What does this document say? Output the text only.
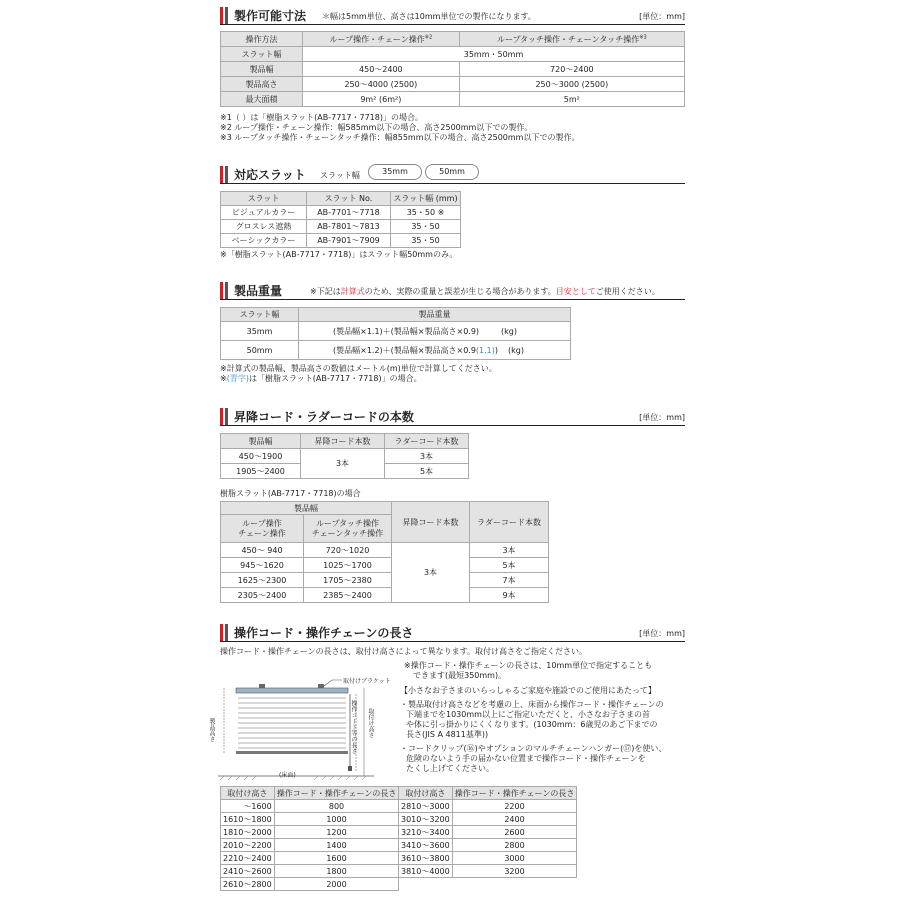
製作可能寸法 ＊幅は5mm単位、高さは10mm単位での製作になります。	[単位：mm]
操作方法	ループ操作・チェーン操作$^{※2}$	ループタッチ操作・チェーンタッチ操作$^{※3}$
スラット幅	35mm・50mm	
製品幅	450～2400	720～2400
製品高さ	250～4000 (2500)	250～3000 (2500)
最大面積	9m² (6m²)	5m²
※1（ ）は「樹脂スラット(AB-7717・7718)」の場合。
※2 ループ操作・チェーン操作：幅585mm以下の場合、高さ2500mm以下での製作。
※3 ループタッチ操作・チェーンタッチ操作：幅855mm以下の場合、高さ2500mm以下での製作。
対応スラット スラット幅	35mm	50mm
スラット	スラット No.	スラット幅 (mm)
ビジュアルカラー	AB-7701～7718	35・50 ※
グロスレス遮熱	AB-7801～7813	35・50
ベーシックカラー	AB-7901～7909	35・50
※「樹脂スラット(AB-7717・7718)」はスラット幅50mmのみ。
製品重量	※下記は計算式のため、実際の重量と誤差が生じる場合があります。目安としてご使用ください。
スラット幅	製品重量
35mm	(製品幅×1.1)＋(製品幅×製品高さ×0.9) (kg)
50mm	(製品幅×1.2)＋(製品幅×製品高さ×0.9(1.1)) (kg)
※計算式の製品幅、製品高さの数値はメートル(m)単位で計算してください。
※(青字)は「樹脂スラット(AB-7717・7718)」の場合。
昇降コード・ラダーコードの本数	[単位：mm]
製品幅	昇降コード本数	ラダーコード本数
450～1900	3本	3本
1905～2400		5本
樹脂スラット(AB-7717・7718)の場合
製品幅		昇降コード本数	ラダーコード本数
ループ操作
チェーン操作	ループタッチ操作
チェーンタッチ操作		
450～ 940	720～1020	3本	3本
945～1620	1025～1700		5本
1625～2300	1705～2380		7本
2305～2400	2385～2400		9本
操作コード・操作チェーンの長さ	[単位：mm]
操作コード・操作チェーンの長さは、取付け高さによって異なります。取付け高さをご指定ください。
※操作コード・操作チェーンの長さは、10mm単位で指定することも
できます(最短350mm)。
【小さなお子さまのいらっしゃるご家庭や施設でのご使用にあたって】
・製品取付け高さなどを考慮の上、床面から操作コード・操作チェーンの
下端までを1030mm以上にご指定いただくと、小さなお子さまの首
や体に引っ掛かりにくくなります。(1030mm：6歳児のあご下までの
長さ(JIS A 4811基準))
・コードクリップ(⑯)やオプションのマルチチェーンハンガー(⑰)を使い、
危険のないよう手の届かない位置まで操作コード・操作チェーンを
たくし上げてください。
取付けブラケット
製品高さ	操作コード等の長さ 取付け高さ
(床面)
取付け高さ	操作コード・操作チェーンの長さ
～1600	800
1610～1800	1000
1810～2000	1200
2010～2200	1400
2210～2400	1600
2410～2600	1800
2610～2800	2000
取付け高さ	操作コード・操作チェーンの長さ
2810～3000	2200
3010～3200	2400
3210～3400	2600
3410～3600	2800
3610～3800	3000
3810～4000	3200
